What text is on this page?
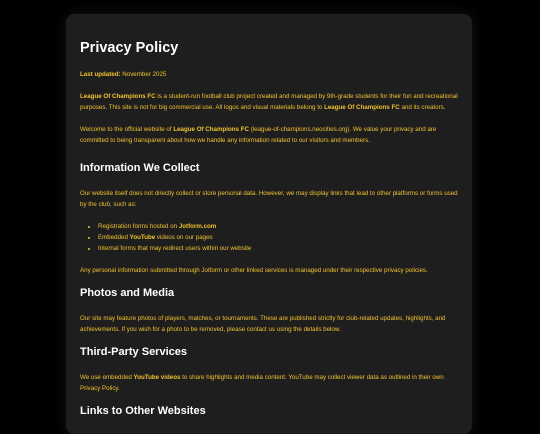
Privacy Policy

Last updated: November 2025

League Of Champions FC is a student-run football club project created and managed by 9th-grade students for their fun and recreational purposes. This site is not for big commercial use. All logos and visual materials belong to League Of Champions FC and its creators.

Welcome to the official website of League Of Champions FC (league-of-champions.neocities.org). We value your privacy and are committed to being transparent about how we handle any information related to our visitors and members.

Information We Collect

Our website itself does not directly collect or store personal data. However, we may display links that lead to other platforms or forms used by the club, such as:

• Registration forms hosted on Jotform.com
• Embedded YouTube videos on our pages
• Internal forms that may redirect users within our website

Any personal information submitted through Jotform or other linked services is managed under their respective privacy policies.

Photos and Media

Our site may feature photos of players, matches, or tournaments. These are published strictly for club-related updates, highlights, and achievements. If you wish for a photo to be removed, please contact us using the details below.

Third-Party Services

We use embedded YouTube videos to share highlights and media content. YouTube may collect viewer data as outlined in their own Privacy Policy.

Links to Other Websites
